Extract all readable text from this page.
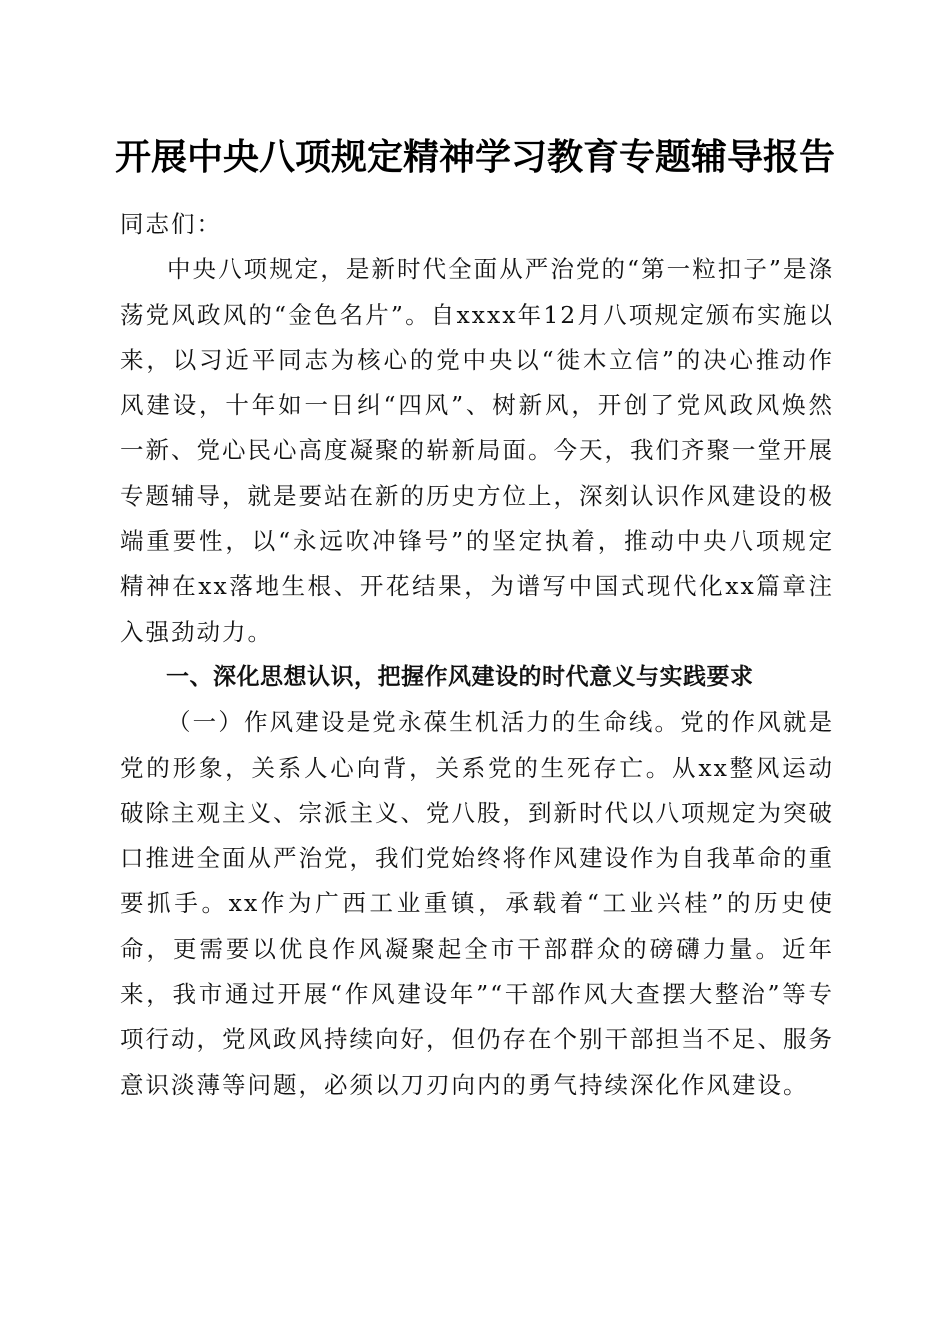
开展中央八项规定精神学习教育专题辅导报告

同志们：

中央八项规定，是新时代全面从严治党的“第一粒扣子”是涤荡党风政风的“金色名片”。自xxxx年12月八项规定颁布实施以来，以习近平同志为核心的党中央以“徙木立信”的决心推动作风建设，十年如一日纠“四风”、树新风，开创了党风政风焕然一新、党心民心高度凝聚的崭新局面。今天，我们齐聚一堂开展专题辅导，就是要站在新的历史方位上，深刻认识作风建设的极端重要性，以“永远吹冲锋号”的坚定执着，推动中央八项规定精神在xx落地生根、开花结果，为谱写中国式现代化xx篇章注入强劲动力。

一、深化思想认识，把握作风建设的时代意义与实践要求

（一）作风建设是党永葆生机活力的生命线。党的作风就是党的形象，关系人心向背，关系党的生死存亡。从xx整风运动破除主观主义、宗派主义、党八股，到新时代以八项规定为突破口推进全面从严治党，我们党始终将作风建设作为自我革命的重要抓手。xx作为广西工业重镇，承载着“工业兴桂”的历史使命，更需要以优良作风凝聚起全市干部群众的磅礴力量。近年来，我市通过开展“作风建设年”“干部作风大查摆大整治”等专项行动，党风政风持续向好，但仍存在个别干部担当不足、服务意识淡薄等问题，必须以刀刃向内的勇气持续深化作风建设。
